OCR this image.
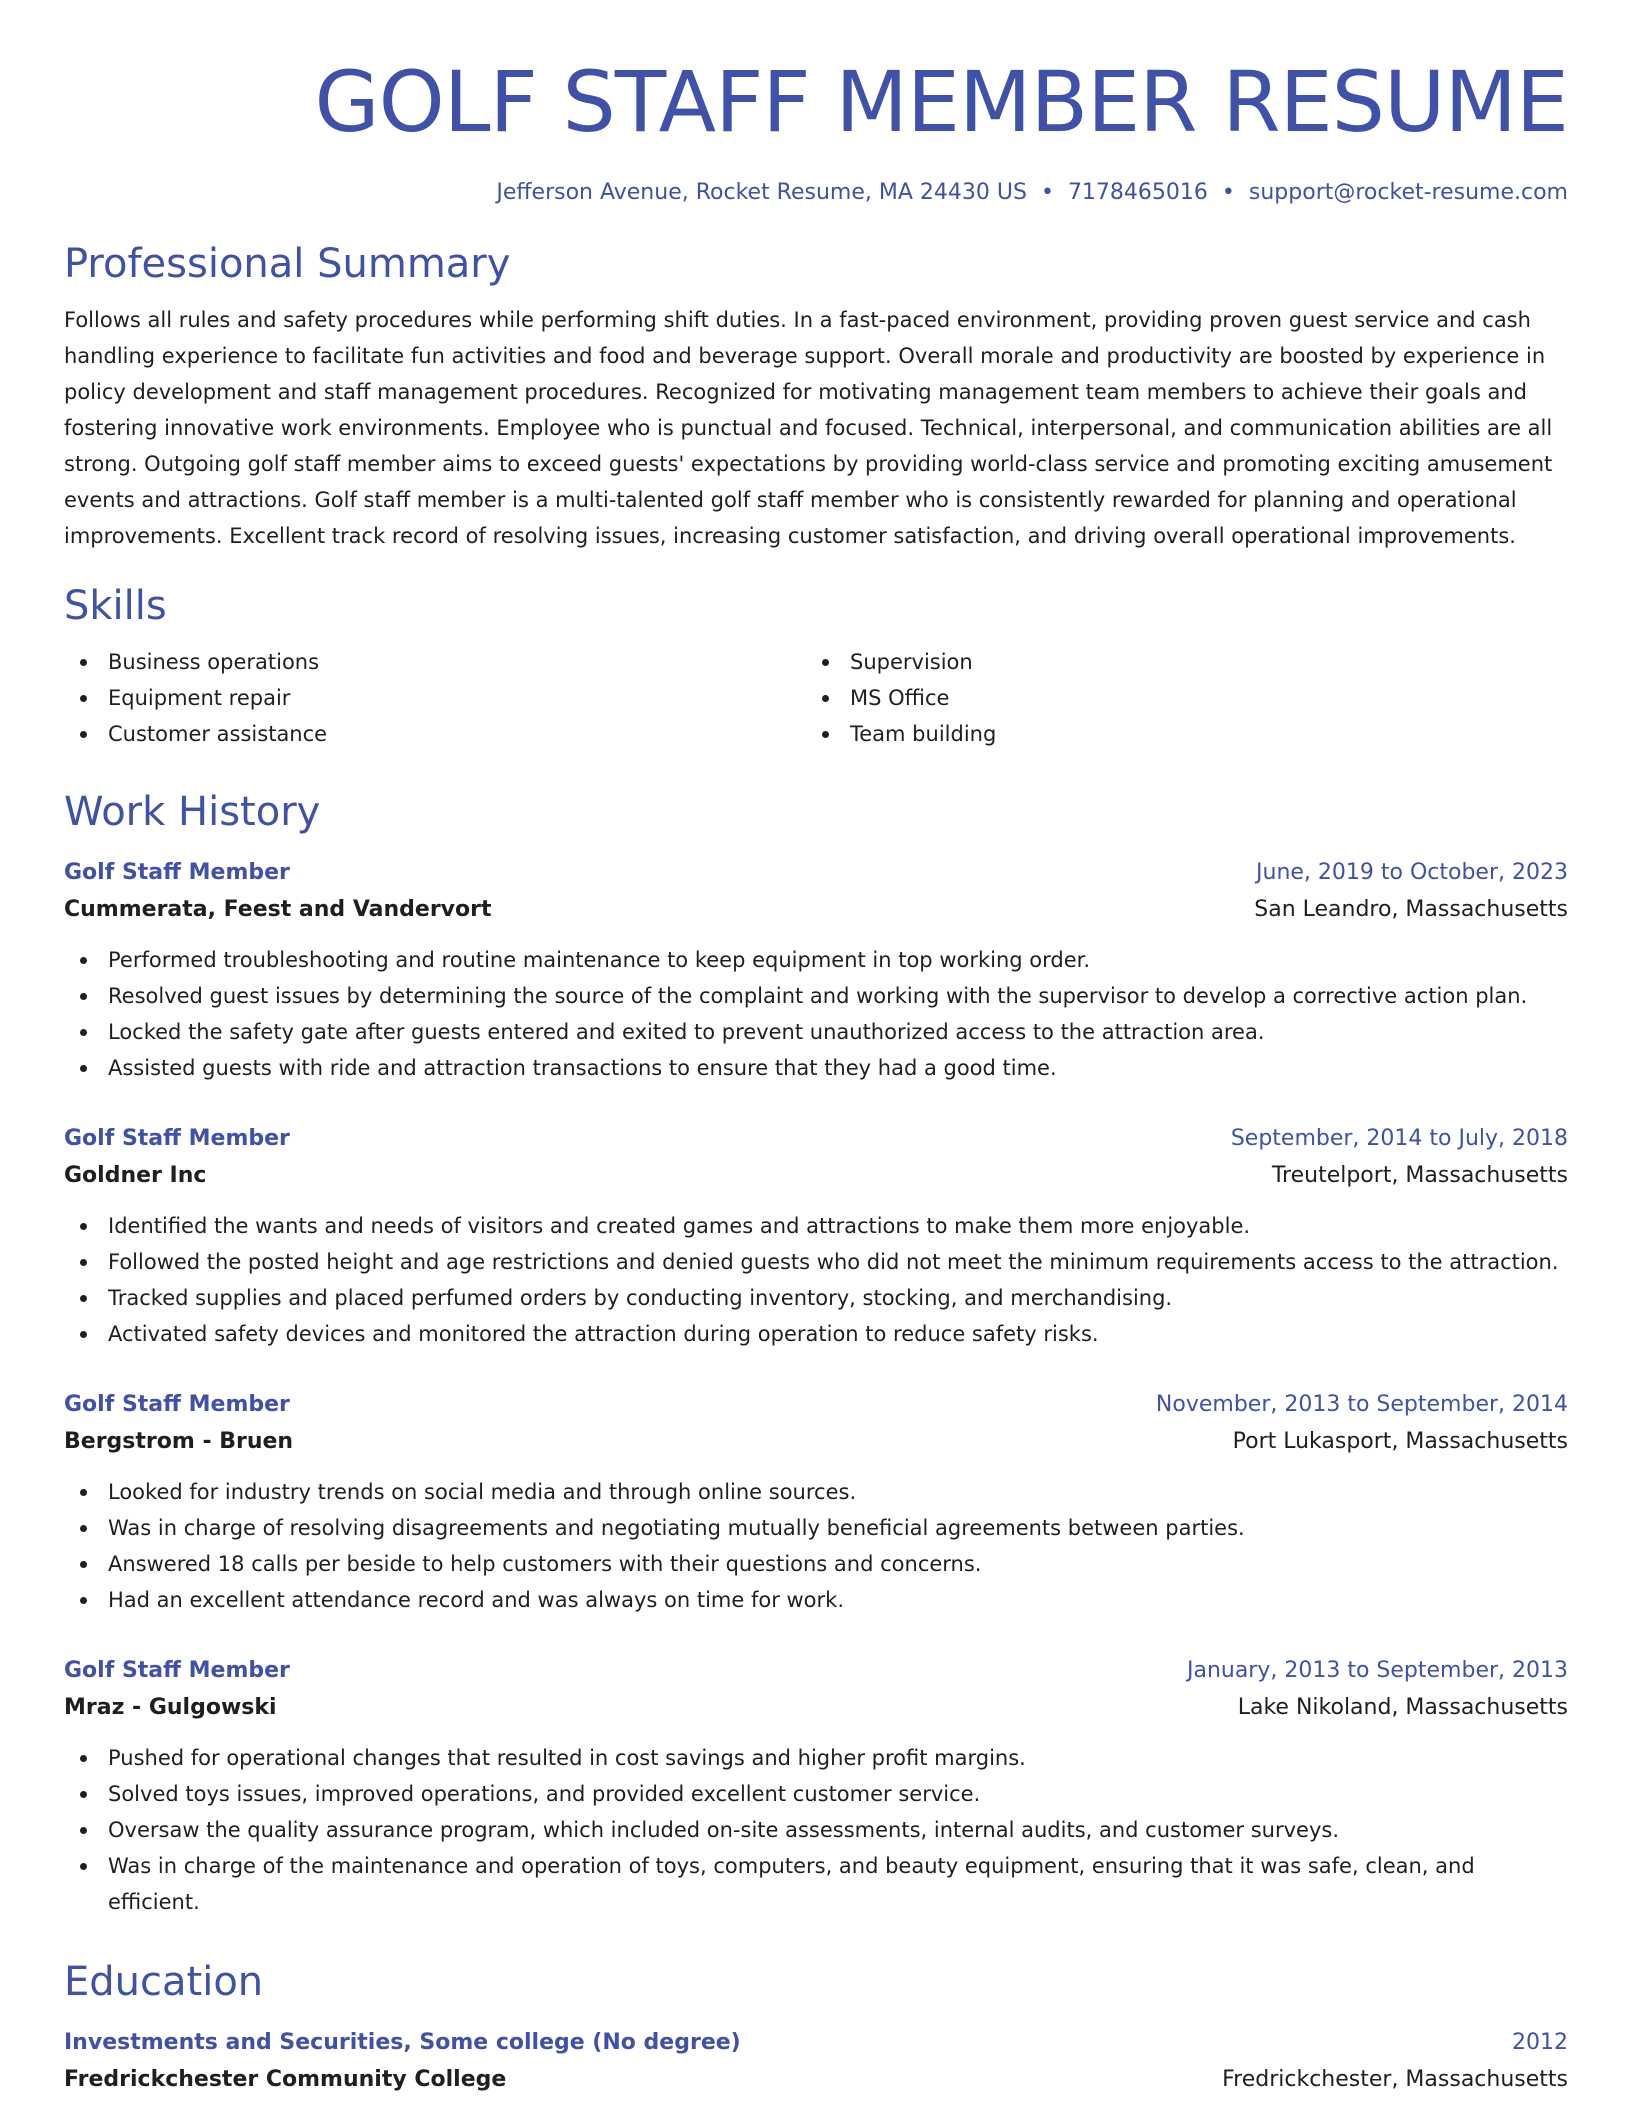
GOLF STAFF MEMBER RESUME
Jefferson Avenue, Rocket Resume, MA 24430 US • 7178465016 • support@rocket-resume.com
Professional Summary

Follows all rules and safety procedures while performing shift duties. In a fast-paced environment, providing proven guest service and cash handling experience to facilitate fun activities and food and beverage support. Overall morale and productivity are boosted by experience in policy development and staff management procedures. Recognized for motivating management team members to achieve their goals and fostering innovative work environments. Employee who is punctual and focused. Technical, interpersonal, and communication abilities are all strong. Outgoing golf staff member aims to exceed guests' expectations by providing world-class service and promoting exciting amusement events and attractions. Golf staff member is a multi-talented golf staff member who is consistently rewarded for planning and operational improvements. Excellent track record of resolving issues, increasing customer satisfaction, and driving overall operational improvements.

Skills
Business operations
Equipment repair
Customer assistance
Supervision
MS Office
Team building
Work History
Golf Staff Member	June, 2019 to October, 2023
Cummerata, Feest and Vandervort	San Leandro, Massachusetts
Performed troubleshooting and routine maintenance to keep equipment in top working order.
Resolved guest issues by determining the source of the complaint and working with the supervisor to develop a corrective action plan.
Locked the safety gate after guests entered and exited to prevent unauthorized access to the attraction area.
Assisted guests with ride and attraction transactions to ensure that they had a good time.
Golf Staff Member	September, 2014 to July, 2018
Goldner Inc	Treutelport, Massachusetts
Identified the wants and needs of visitors and created games and attractions to make them more enjoyable.
Followed the posted height and age restrictions and denied guests who did not meet the minimum requirements access to the attraction.
Tracked supplies and placed perfumed orders by conducting inventory, stocking, and merchandising.
Activated safety devices and monitored the attraction during operation to reduce safety risks.
Golf Staff Member	November, 2013 to September, 2014
Bergstrom - Bruen	Port Lukasport, Massachusetts
Looked for industry trends on social media and through online sources.
Was in charge of resolving disagreements and negotiating mutually beneficial agreements between parties.
Answered 18 calls per beside to help customers with their questions and concerns.
Had an excellent attendance record and was always on time for work.
Golf Staff Member	January, 2013 to September, 2013
Mraz - Gulgowski	Lake Nikoland, Massachusetts
Pushed for operational changes that resulted in cost savings and higher profit margins.
Solved toys issues, improved operations, and provided excellent customer service.
Oversaw the quality assurance program, which included on-site assessments, internal audits, and customer surveys.
Was in charge of the maintenance and operation of toys, computers, and beauty equipment, ensuring that it was safe, clean, and efficient.
Education
Investments and Securities, Some college (No degree)	2012
Fredrickchester Community College	Fredrickchester, Massachusetts
